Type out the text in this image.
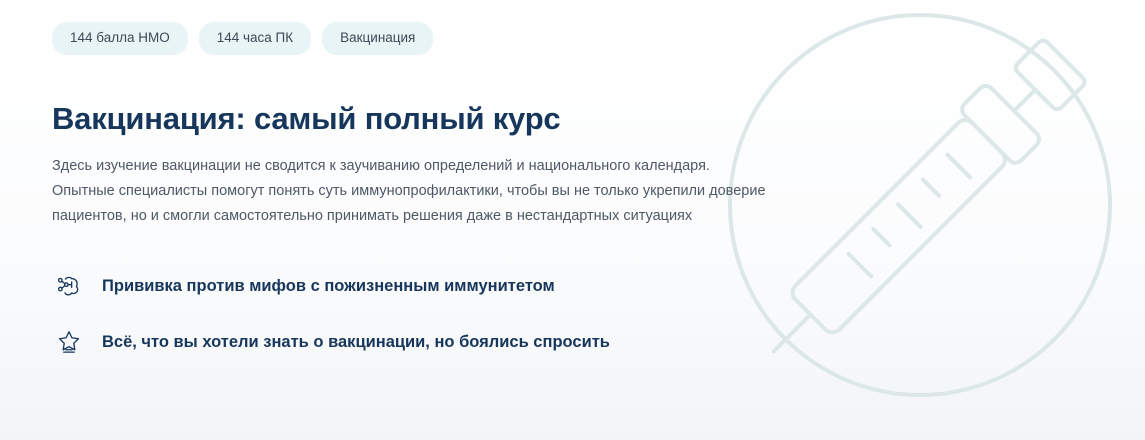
144 балла НМО	144 часа ПК	Вакцинация
Вакцинация: самый полный курс

Здесь изучение вакцинации не сводится к заучиванию определений и национального календаря. Опытные специалисты помогут понять суть иммунопрофилактики, чтобы вы не только укрепили доверие пациентов, но и смогли самостоятельно принимать решения даже в нестандартных ситуациях

Прививка против мифов с пожизненным иммунитетом
Всё, что вы хотели знать о вакцинации, но боялись спросить
